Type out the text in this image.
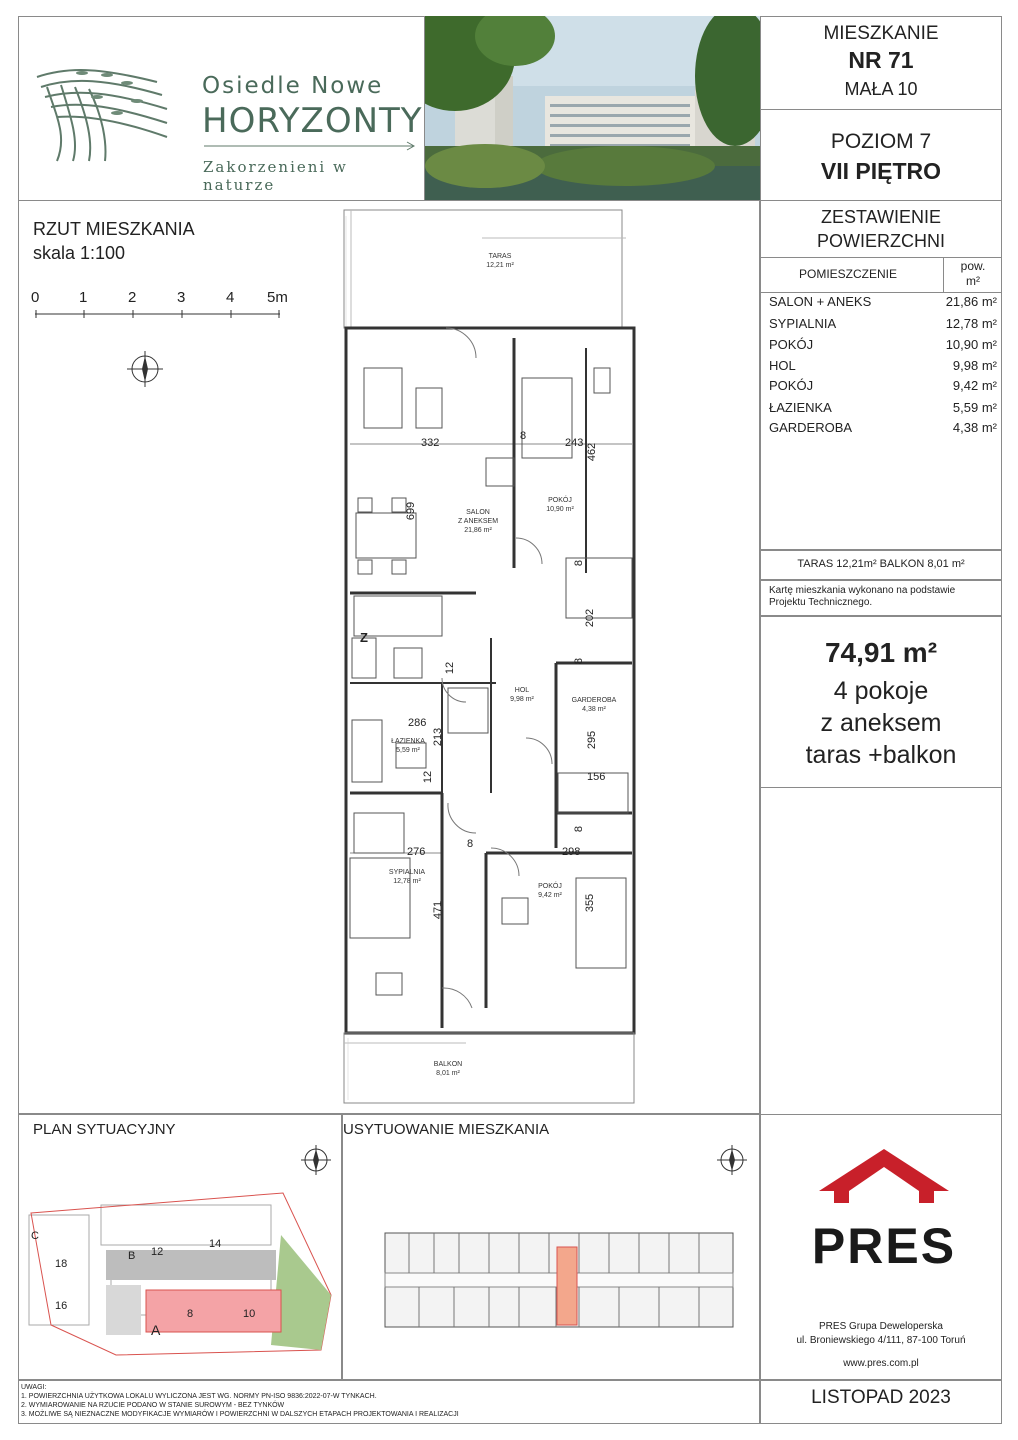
Osiedle Nowe
HORYZONTY
Zakorzenieni w naturze
MIESZKANIE
NR 71
MAŁA 10
POZIOM 7
VII PIĘTRO
RZUT MIESZKANIA
skala 1:100
0	1	2	3	4 5m
TARAS
12,21 m²
SALON
Z ANEKSEM
21,86 m²
POKÓJ
10,90 m²
HOL
9,98 m²	GARDEROBA
4,38 m²
ŁAZIENKA
5,59 m²
SYPIALNIA
12,78 m²
POKÓJ
9,42 m²
BALKON
8,01 m²
Z
332
8
243 462
699
8
202
8
12
286
213	295
12	156
8
276
8
298
471	355
ZESTAWIENIE
POWIERZCHNI
POMIESZCZENIE
pow.
m²
SALON + ANEKS	21,86 m²
SYPIALNIA	12,78 m²
POKÓJ	10,90 m²
HOL	9,98 m²
POKÓJ	9,42 m²
ŁAZIENKA	5,59 m²
GARDEROBA	4,38 m²
TARAS 12,21m² BALKON 8,01 m²
Kartę mieszkania wykonano na podstawie Projektu Technicznego.
74,91 m²
4 pokoje
z aneksem
taras +balkon
PLAN SYTUACYJNY
C
18
16
B 12
14
8	10
A
USYTUOWANIE MIESZKANIA
PRES
PRES Grupa Deweloperska
ul. Broniewskiego 4/111, 87-100 Toruń
www.pres.com.pl
UWAGI:
1. POWIERZCHNIA UŻYTKOWA LOKALU WYLICZONA JEST WG. NORMY PN-ISO 9836:2022-07-W TYNKACH.
2. WYMIAROWANIE NA RZUCIE PODANO W STANIE SUROWYM - BEZ TYNKÓW
3. MOŻLIWE SĄ NIEZNACZNE MODYFIKACJE WYMIARÓW I POWIERZCHNI W DALSZYCH ETAPACH PROJEKTOWANIA I REALIZACJI
LISTOPAD 2023
